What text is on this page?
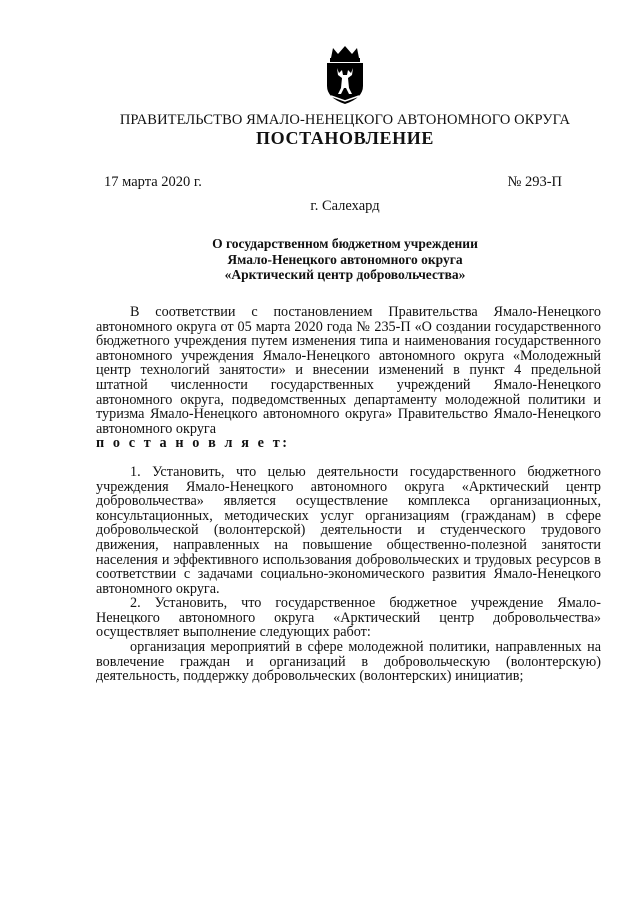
ПРАВИТЕЛЬСТВО ЯМАЛО-НЕНЕЦКОГО АВТОНОМНОГО ОКРУГА
ПОСТАНОВЛЕНИЕ
17 марта 2020 г.	№ 293-П
г. Салехард
О государственном бюджетном учреждении
Ямало-Ненецкого автономного округа
«Арктический центр добровольчества»

В соответствии с постановлением Правительства Ямало-Ненецкого автономного округа от 05 марта 2020 года № 235-П «О создании государственного бюджетного учреждения путем изменения типа и наименования государственного автономного учреждения Ямало-Ненецкого автономного округа «Молодежный центр технологий занятости» и внесении изменений в пункт 4 предельной штатной численности государственных учреждений Ямало-Ненецкого автономного округа, подведомственных департаменту молодежной политики и туризма Ямало-Ненецкого автономного округа» Правительство Ямало-Ненецкого автономного округа

п о с т а н о в л я е т:

1. Установить, что целью деятельности государственного бюджетного учреждения Ямало-Ненецкого автономного округа «Арктический центр добровольчества» является осуществление комплекса организационных, консультационных, методических услуг организациям (гражданам) в сфере добровольческой (волонтерской) деятельности и студенческого трудового движения, направленных на повышение общественно-полезной занятости населения и эффективного использования добровольческих и трудовых ресурсов в соответствии с задачами социально-экономического развития Ямало-Ненецкого автономного округа.

2. Установить, что государственное бюджетное учреждение Ямало-Ненецкого автономного округа «Арктический центр добровольчества» осуществляет выполнение следующих работ:

организация мероприятий в сфере молодежной политики, направленных на вовлечение граждан и организаций в добровольческую (волонтерскую) деятельность, поддержку добровольческих (волонтерских) инициатив;
